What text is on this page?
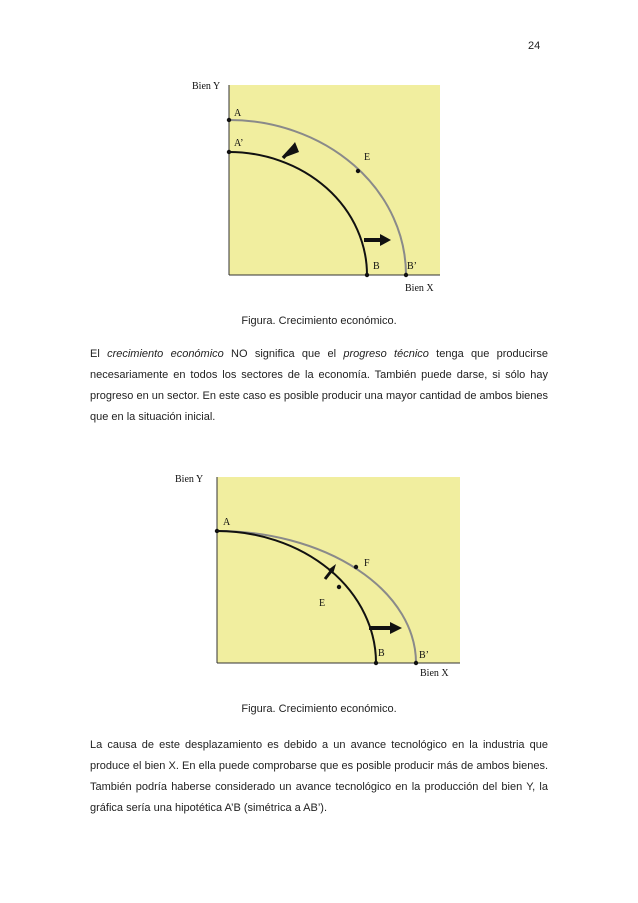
24
Bien Y
Bien X
A
A’
E
B	B’
Figura. Crecimiento económico.

El crecimiento económico NO significa que el progreso técnico tenga que producirse necesariamente en todos los sectores de la economía. También puede darse, si sólo hay progreso en un sector. En este caso es posible producir una mayor cantidad de ambos bienes que en la situación inicial.

Bien Y
Bien X
A
F
E
B	B’
Figura. Crecimiento económico.

La causa de este desplazamiento es debido a un avance tecnológico en la industria que produce el bien X. En ella puede comprobarse que es posible producir más de ambos bienes. También podría haberse considerado un avance tecnológico en la producción del bien Y, la gráfica sería una hipotética A’B (simétrica a AB’).
